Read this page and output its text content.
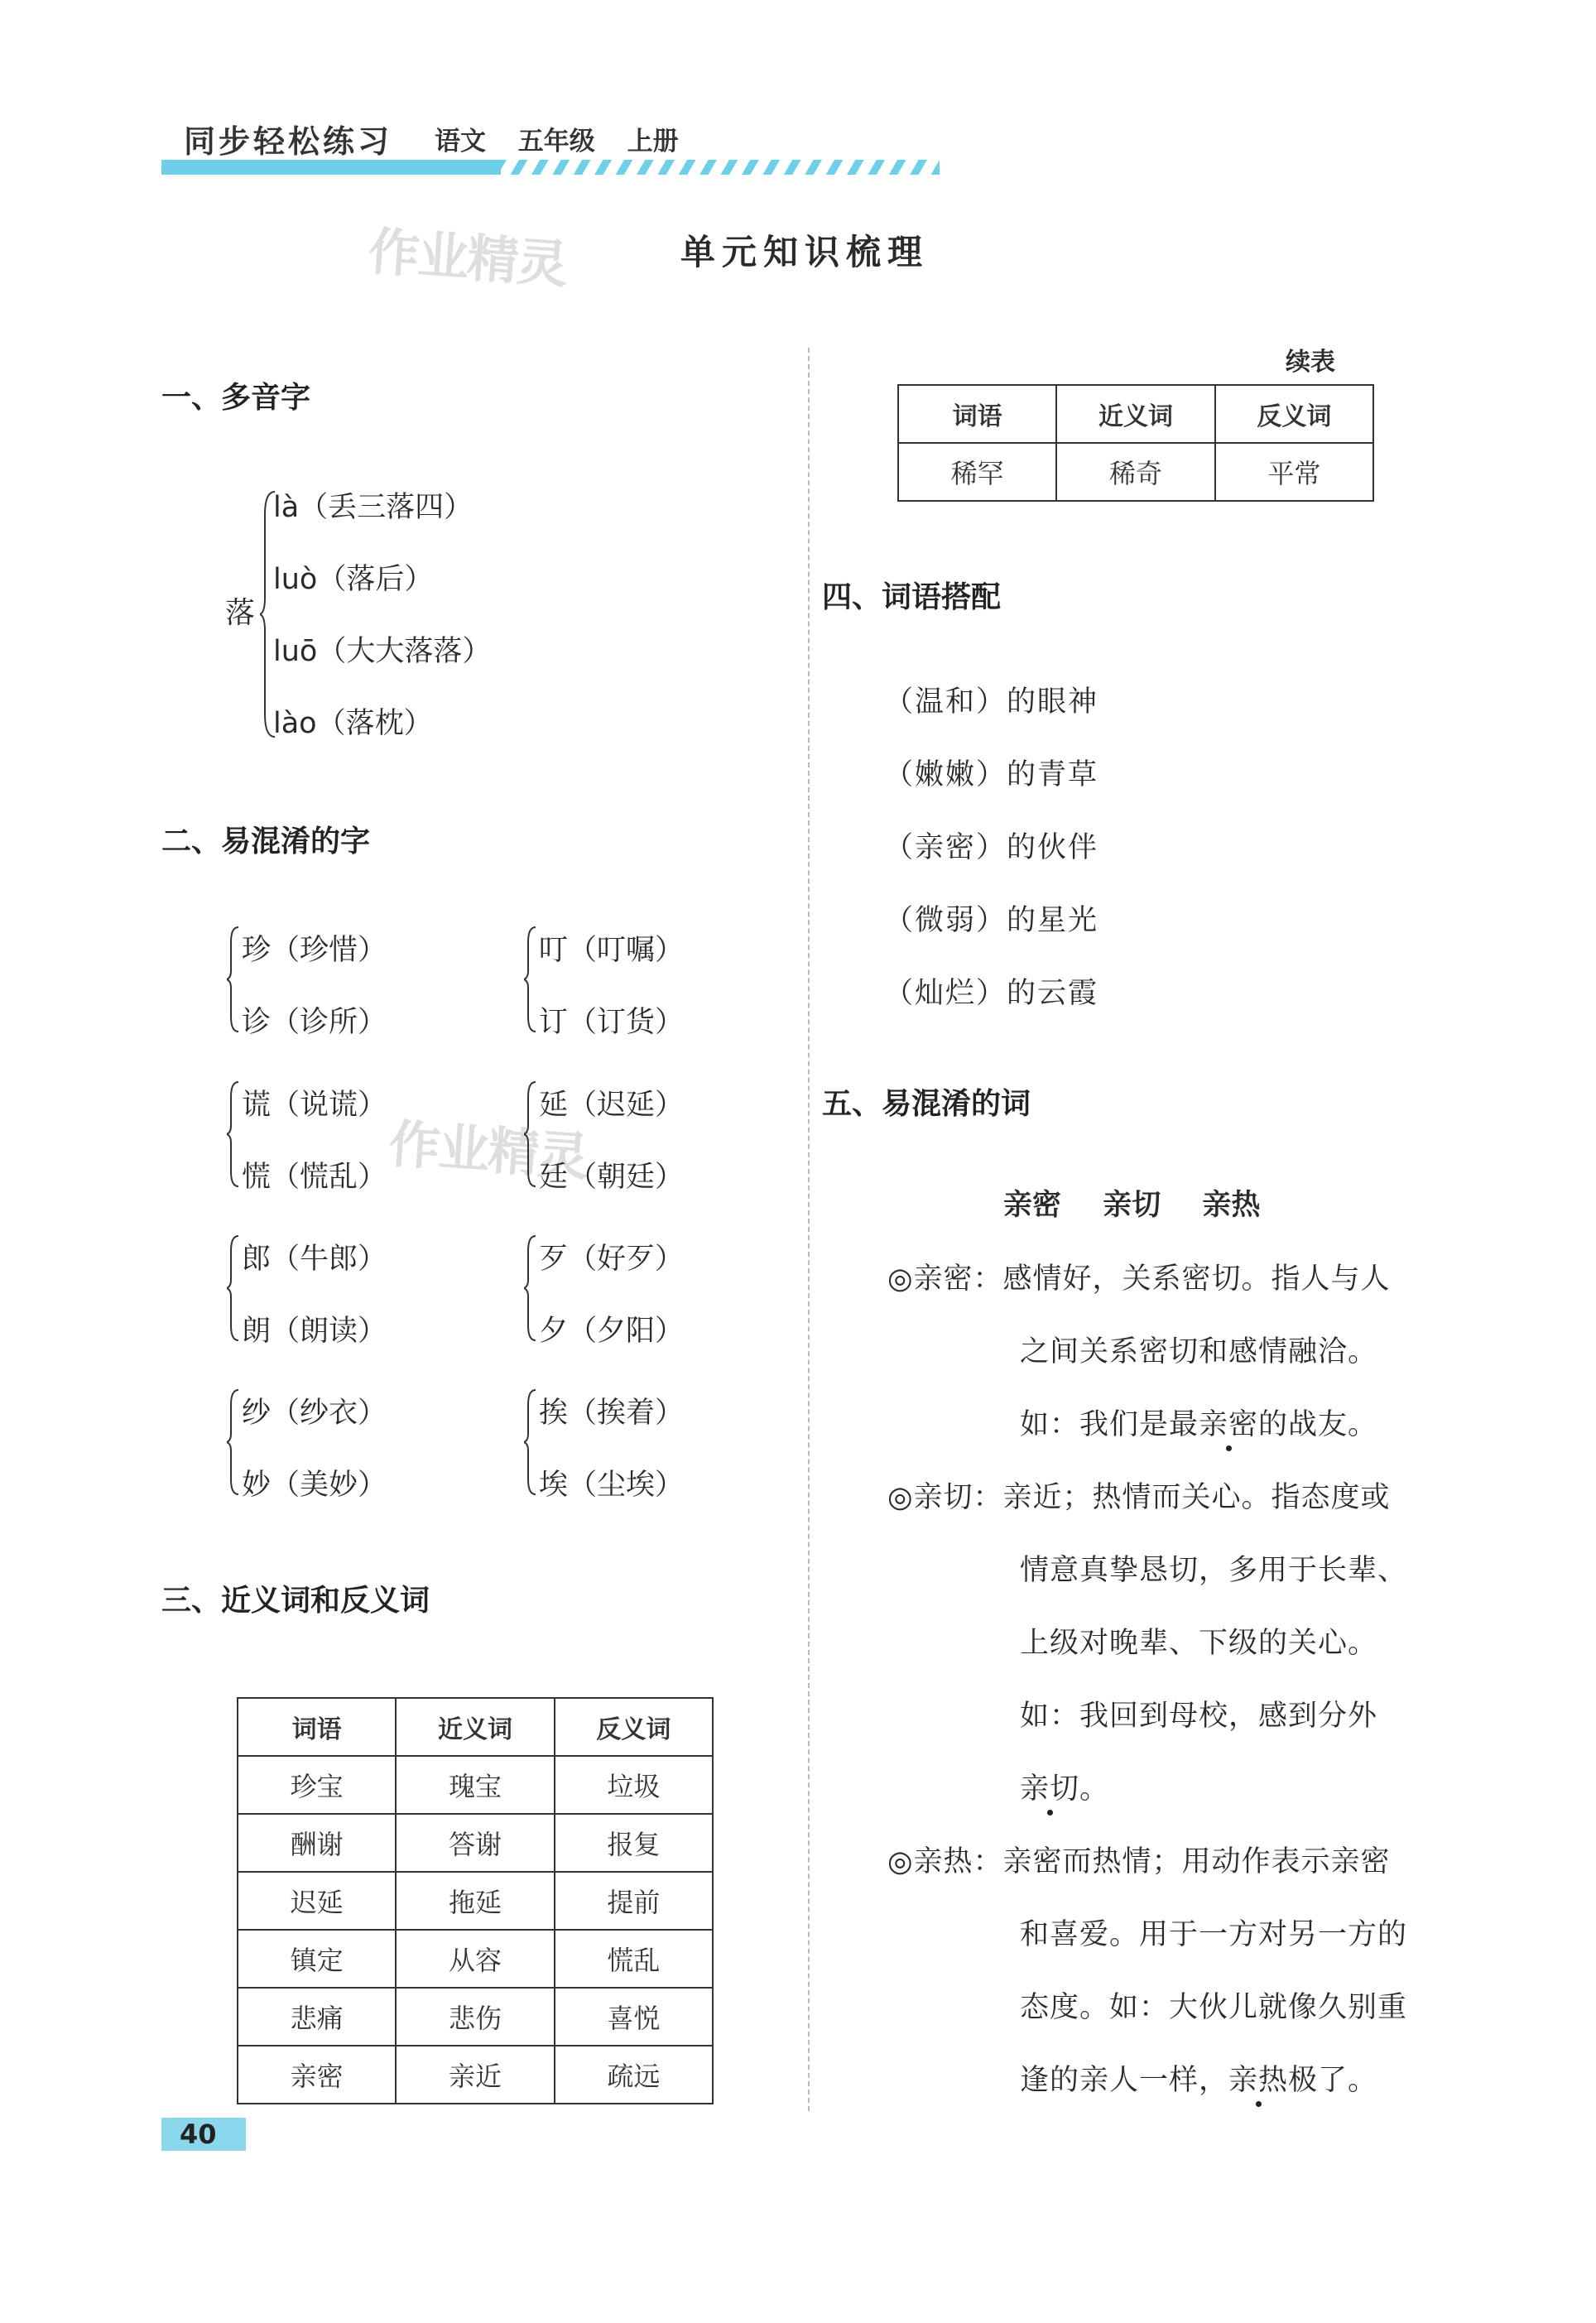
同步轻松练习 语文 五年级 上册
作业精灵
作业精灵
单元知识梳理
一、多音字
落
là（丢三落四）
luò（落后）
luō（大大落落）
lào（落枕）
二、易混淆的字
珍（珍惜）
诊（诊所）
叮（叮嘱）
订（订货）
谎（说谎）
慌（慌乱）
延（迟延）
廷（朝廷）
郎（牛郎）
朗（朗读）
歹（好歹）
夕（夕阳）
纱（纱衣）
妙（美妙）
挨（挨着）
埃（尘埃）
三、近义词和反义词
词语	近义词	反义词
珍宝	瑰宝	垃圾
酬谢	答谢	报复
迟延	拖延	提前
镇定	从容	慌乱
悲痛	悲伤	喜悦
亲密	亲近	疏远
续表
词语	近义词	反义词
稀罕	稀奇	平常
四、词语搭配
（温和）的眼神
（嫩嫩）的青草
（亲密）的伙伴
（微弱）的星光
（灿烂）的云霞
五、易混淆的词
亲密 亲切 亲热
◎亲密：感情好，关系密切。指人与人
之间关系密切和感情融洽。
如：我们是最亲密的战友。
◎亲切：亲近；热情而关心。指态度或
情意真挚恳切，多用于长辈、
上级对晚辈、下级的关心。
如：我回到母校，感到分外
亲切。
◎亲热：亲密而热情；用动作表示亲密
和喜爱。用于一方对另一方的
态度。如：大伙儿就像久别重
逢的亲人一样，亲热极了。
40
